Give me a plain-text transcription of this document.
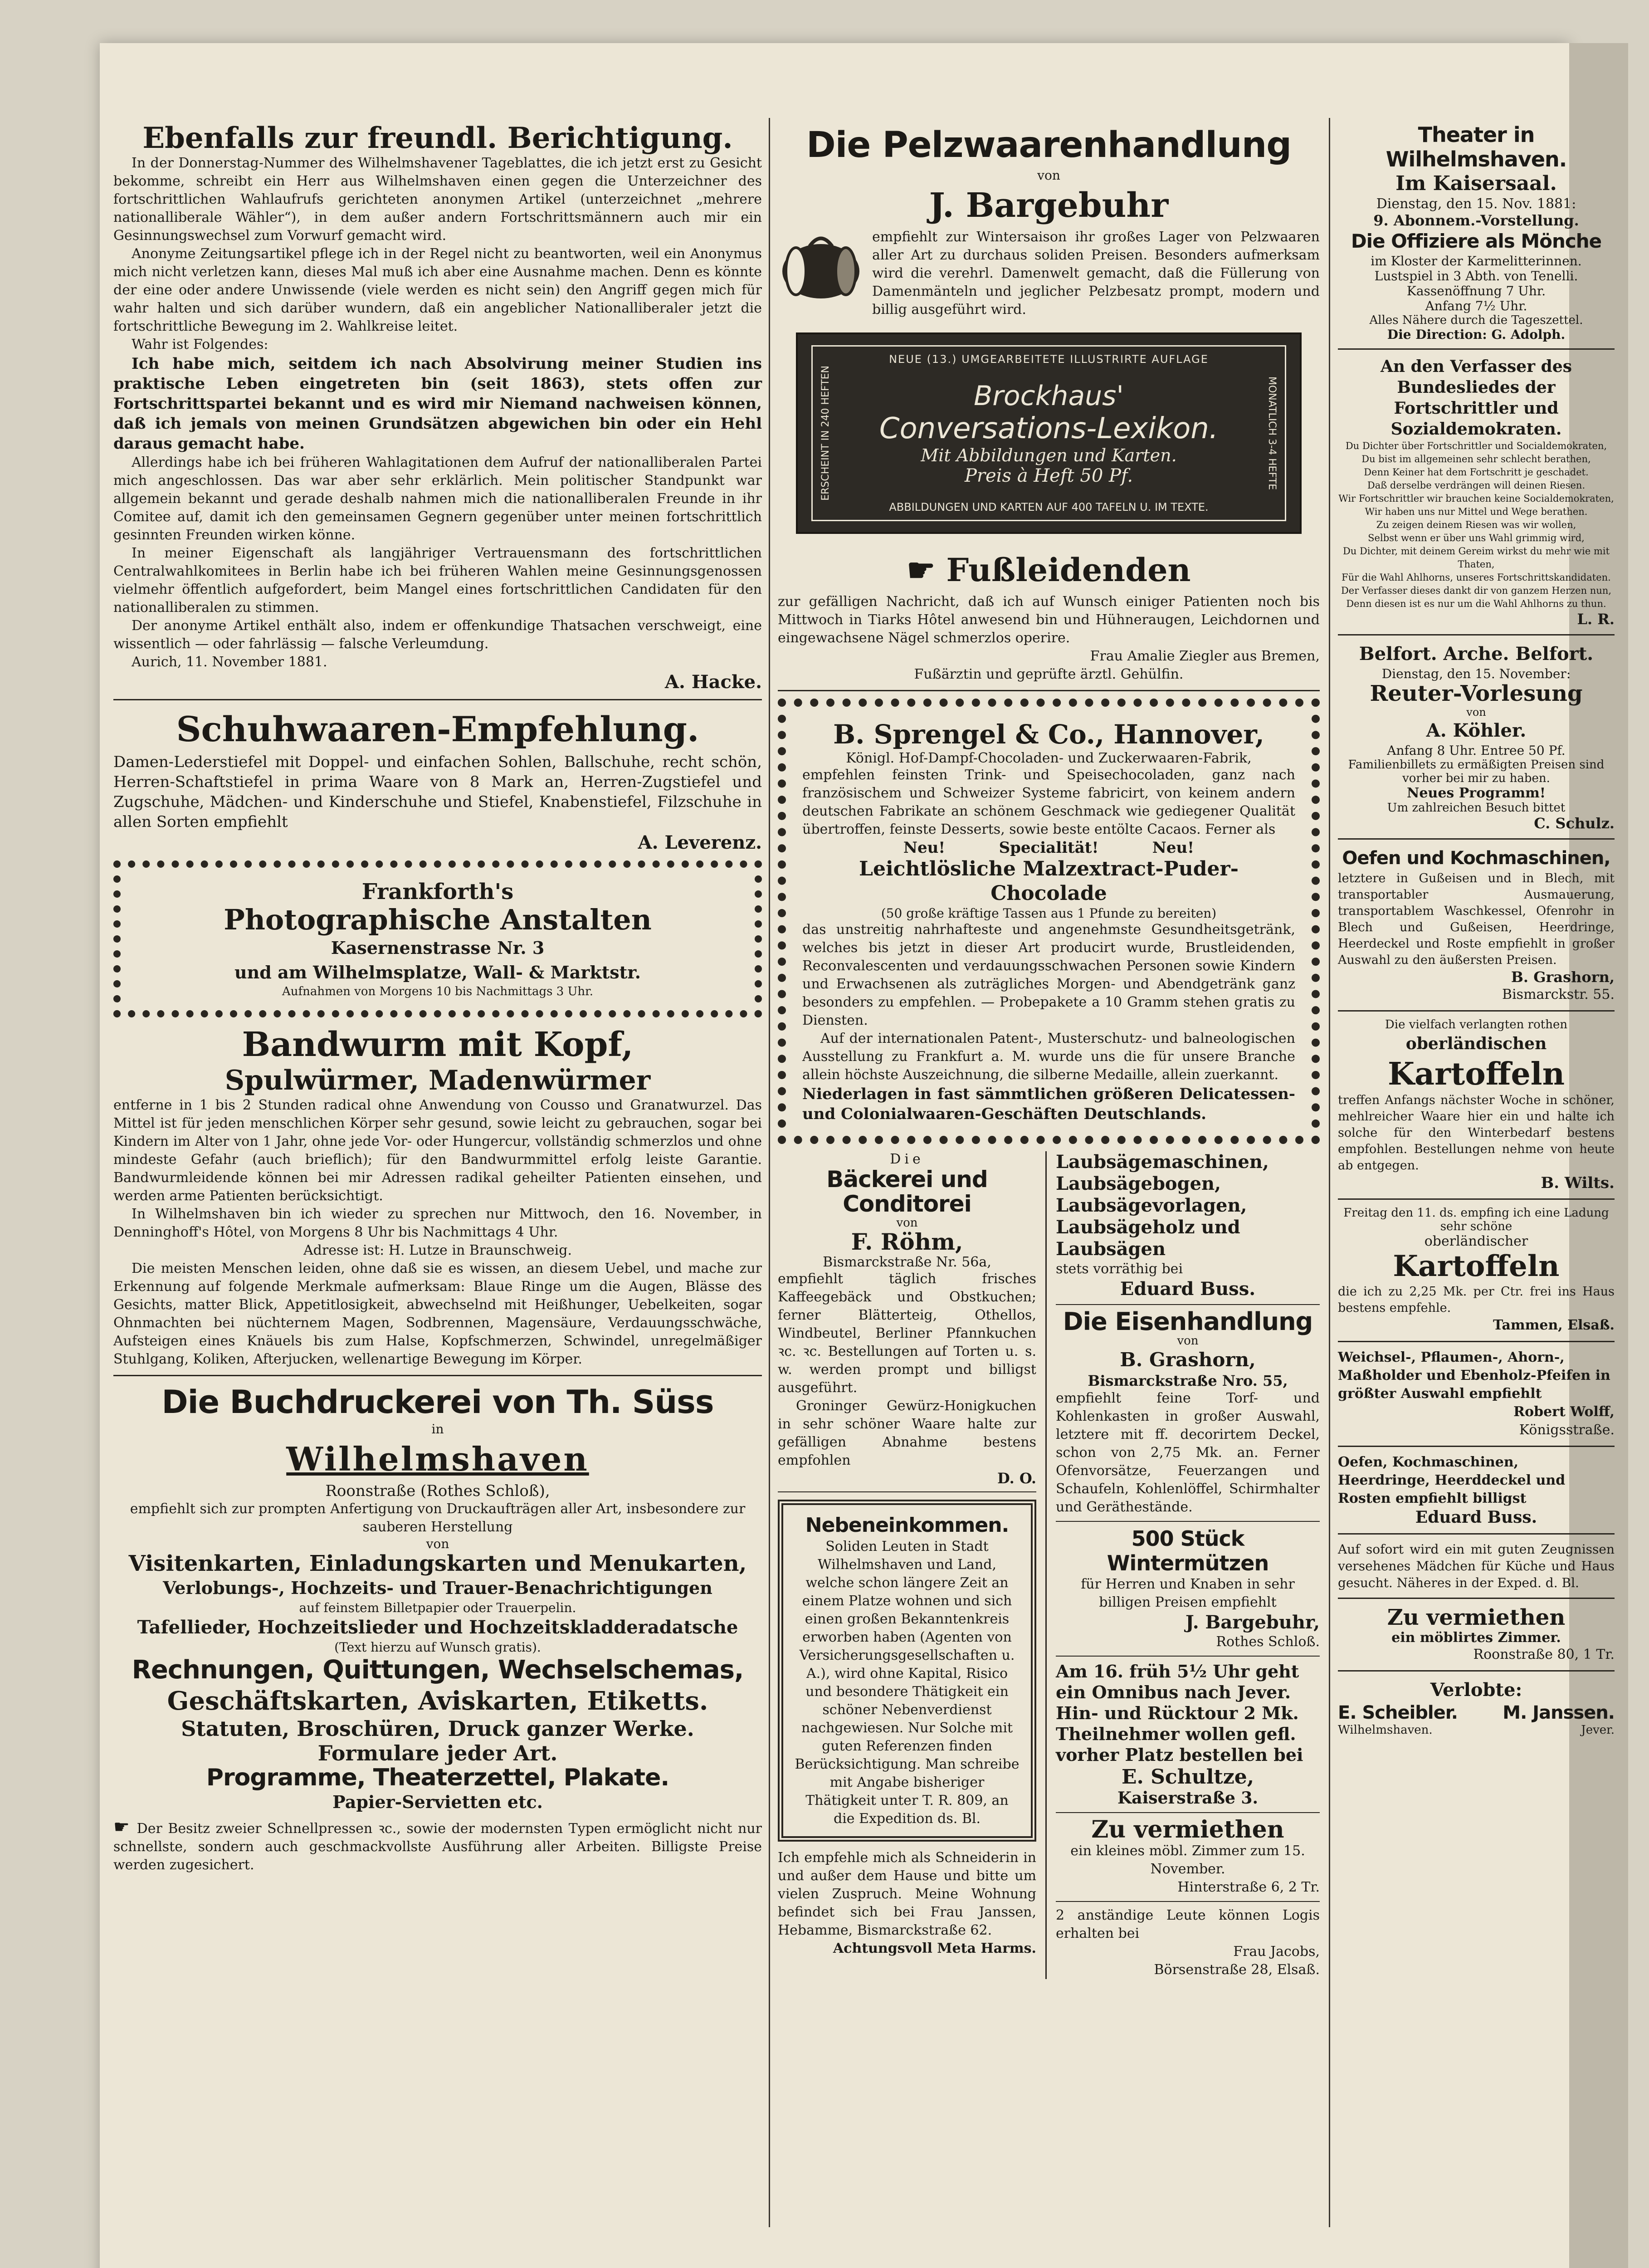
Ebenfalls zur freundl. Berichtigung.

In der Donnerstag-Nummer des Wilhelmshavener Tageblattes, die ich jetzt erst zu Gesicht bekomme, schreibt ein Herr aus Wilhelmshaven einen gegen die Unterzeichner des fortschrittlichen Wahlaufrufs gerichteten anonymen Artikel (unterzeichnet „mehrere nationalliberale Wähler“), in dem außer andern Fortschrittsmännern auch mir ein Gesinnungswechsel zum Vorwurf gemacht wird.

Anonyme Zeitungsartikel pflege ich in der Regel nicht zu beantworten, weil ein Anonymus mich nicht verletzen kann, dieses Mal muß ich aber eine Ausnahme machen. Denn es könnte der eine oder andere Unwissende (viele werden es nicht sein) den Angriff gegen mich für wahr halten und sich darüber wundern, daß ein angeblicher Nationalliberaler jetzt die fortschrittliche Bewegung im 2. Wahlkreise leitet.

Wahr ist Folgendes:

Ich habe mich, seitdem ich nach Absolvirung meiner Studien ins praktische Leben eingetreten bin (seit 1863), stets offen zur Fortschrittspartei bekannt und es wird mir Niemand nachweisen können, daß ich jemals von meinen Grundsätzen abgewichen bin oder ein Hehl daraus gemacht habe.

Allerdings habe ich bei früheren Wahlagitationen dem Aufruf der nationalliberalen Partei mich angeschlossen. Das war aber sehr erklärlich. Mein politischer Standpunkt war allgemein bekannt und gerade deshalb nahmen mich die nationalliberalen Freunde in ihr Comitee auf, damit ich den gemeinsamen Gegnern gegenüber unter meinen fortschrittlich gesinnten Freunden wirken könne.

In meiner Eigenschaft als langjähriger Vertrauensmann des fortschrittlichen Centralwahlkomitees in Berlin habe ich bei früheren Wahlen meine Gesinnungsgenossen vielmehr öffentlich aufgefordert, beim Mangel eines fortschrittlichen Candidaten für den nationalliberalen zu stimmen.

Der anonyme Artikel enthält also, indem er offenkundige Thatsachen verschweigt, eine wissentlich — oder fahrlässig — falsche Verleumdung.

Aurich, 11. November 1881.

A. Hacke.

Schuhwaaren-Empfehlung.

Damen-Lederstiefel mit Doppel- und einfachen Sohlen, Ballschuhe, recht schön, Herren-Schaftstiefel in prima Waare von 8 Mark an, Herren-Zugstiefel und Zugschuhe, Mädchen- und Kinderschuhe und Stiefel, Knabenstiefel, Filzschuhe in allen Sorten empfiehlt

A. Leverenz.

Frankforth's

Photographische Anstalten

Kasernenstrasse Nr. 3

und am Wilhelmsplatze, Wall- & Marktstr.

Aufnahmen von Morgens 10 bis Nachmittags 3 Uhr.

Bandwurm mit Kopf,

Spulwürmer, Madenwürmer

entferne in 1 bis 2 Stunden radical ohne Anwendung von Cousso und Granatwurzel. Das Mittel ist für jeden menschlichen Körper sehr gesund, sowie leicht zu gebrauchen, sogar bei Kindern im Alter von 1 Jahr, ohne jede Vor- oder Hungercur, vollständig schmerzlos und ohne mindeste Gefahr (auch brieflich); für den Bandwurmmittel erfolg leiste Garantie. Bandwurmleidende können bei mir Adressen radikal geheilter Patienten einsehen, und werden arme Patienten berücksichtigt.

In Wilhelmshaven bin ich wieder zu sprechen nur Mittwoch, den 16. November, in Denninghoff's Hôtel, von Morgens 8 Uhr bis Nachmittags 4 Uhr.

Adresse ist: H. Lutze in Braunschweig.

Die meisten Menschen leiden, ohne daß sie es wissen, an diesem Uebel, und mache zur Erkennung auf folgende Merkmale aufmerksam: Blaue Ringe um die Augen, Blässe des Gesichts, matter Blick, Appetitlosigkeit, abwechselnd mit Heißhunger, Uebelkeiten, sogar Ohnmachten bei nüchternem Magen, Sodbrennen, Magensäure, Verdauungsschwäche, Aufsteigen eines Knäuels bis zum Halse, Kopfschmerzen, Schwindel, unregelmäßiger Stuhlgang, Koliken, Afterjucken, wellenartige Bewegung im Körper.

Die Buchdruckerei von Th. Süss

in

Wilhelmshaven

Roonstraße (Rothes Schloß),

empfiehlt sich zur prompten Anfertigung von Druckaufträgen aller Art, insbesondere zur sauberen Herstellung

von

Visitenkarten, Einladungskarten und Menukarten,

Verlobungs-, Hochzeits- und Trauer-Benachrichtigungen

auf feinstem Billetpapier oder Trauerpelin.

Tafellieder, Hochzeitslieder und Hochzeitskladderadatsche

(Text hierzu auf Wunsch gratis).

Rechnungen, Quittungen, Wechselschemas,

Geschäftskarten, Aviskarten, Etiketts.

Statuten, Broschüren, Druck ganzer Werke.

Formulare jeder Art.

Programme, Theaterzettel, Plakate.

Papier-Servietten etc.

☛ Der Besitz zweier Schnellpressen ꝛc., sowie der modernsten Typen ermöglicht nicht nur schnellste, sondern auch geschmackvollste Ausführung aller Arbeiten. Billigste Preise werden zugesichert.

Die Pelzwaarenhandlung

von

J. Bargebuhr

empfiehlt zur Wintersaison ihr großes Lager von Pelzwaaren aller Art zu durchaus soliden Preisen. Besonders aufmerksam wird die verehrl. Damenwelt gemacht, daß die Füllerung von Damenmänteln und jeglicher Pelzbesatz prompt, modern und billig ausgeführt wird.

NEUE (13.) UMGEARBEITETE ILLUSTRIRTE AUFLAGE

ERSCHEINT IN 240 HEFTEN	Brockhaus'

Conversations-Lexikon.

Mit Abbildungen und Karten.

Preis à Heft 50 Pf.	MONATLICH 3-4 HEFTE

ABBILDUNGEN UND KARTEN AUF 400 TAFELN U. IM TEXTE.

☛ Fußleidenden

zur gefälligen Nachricht, daß ich auf Wunsch einiger Patienten noch bis Mittwoch in Tiarks Hôtel anwesend bin und Hühneraugen, Leichdornen und eingewachsene Nägel schmerzlos operire.

Frau Amalie Ziegler aus Bremen,

Fußärztin und geprüfte ärztl. Gehülfin.

B. Sprengel & Co., Hannover,

Königl. Hof-Dampf-Chocoladen- und Zuckerwaaren-Fabrik,

empfehlen feinsten Trink- und Speisechocoladen, ganz nach französischem und Schweizer Systeme fabricirt, von keinem andern deutschen Fabrikate an schönem Geschmack wie gediegener Qualität übertroffen, feinste Desserts, sowie beste entölte Cacaos. Ferner als

Neu!          Specialität!          Neu!

Leichtlösliche Malzextract-Puder-Chocolade

(50 große kräftige Tassen aus 1 Pfunde zu bereiten)

das unstreitig nahrhafteste und angenehmste Gesundheitsgetränk, welches bis jetzt in dieser Art producirt wurde, Brustleidenden, Reconvalescenten und verdauungsschwachen Personen sowie Kindern und Erwachsenen als zuträgliches Morgen- und Abendgetränk ganz besonders zu empfehlen. — Probepakete a 10 Gramm stehen gratis zu Diensten.

Auf der internationalen Patent-, Musterschutz- und balneologischen Ausstellung zu Frankfurt a. M. wurde uns die für unsere Branche allein höchste Auszeichnung, die silberne Medaille, allein zuerkannt.

Niederlagen in fast sämmtlichen größeren Delicatessen- und Colonialwaaren-Geschäften Deutschlands.

Die

Bäckerei und Conditorei

von

F. Röhm,

Bismarckstraße Nr. 56a,

empfiehlt täglich frisches Kaffeegebäck und Obstkuchen; ferner Blätterteig, Othellos, Windbeutel, Berliner Pfannkuchen ꝛc. ꝛc. Bestellungen auf Torten u. s. w. werden prompt und billigst ausgeführt.

Groninger Gewürz-Honigkuchen in sehr schöner Waare halte zur gefälligen Abnahme bestens empfohlen

D. O.

Nebeneinkommen.

Soliden Leuten in Stadt Wilhelmshaven und Land, welche schon längere Zeit an einem Platze wohnen und sich einen großen Bekanntenkreis erworben haben (Agenten von Versicherungsgesellschaften u. A.), wird ohne Kapital, Risico und besondere Thätigkeit ein schöner Nebenverdienst nachgewiesen. Nur Solche mit guten Referenzen finden Berücksichtigung. Man schreibe mit Angabe bisheriger Thätigkeit unter T. R. 809, an die Expedition ds. Bl.

Ich empfehle mich als Schneiderin in und außer dem Hause und bitte um vielen Zuspruch. Meine Wohnung befindet sich bei Frau Janssen, Hebamme, Bismarckstraße 62.

Achtungsvoll Meta Harms.

Laubsägemaschinen,

Laubsägebogen,

Laubsägevorlagen,

Laubsägeholz und

Laubsägen

stets vorräthig bei

Eduard Buss.

Die Eisenhandlung

von

B. Grashorn,

Bismarckstraße Nro. 55,

empfiehlt feine Torf- und Kohlenkasten in großer Auswahl, letztere mit ff. decorirtem Deckel, schon von 2,75 Mk. an. Ferner Ofenvorsätze, Feuerzangen und Schaufeln, Kohlenlöffel, Schirmhalter und Geräthestände.

500 Stück Wintermützen

für Herren und Knaben in sehr billigen Preisen empfiehlt

J. Bargebuhr,

Rothes Schloß.

Am 16. früh 5½ Uhr geht ein Omnibus nach Jever. Hin- und Rücktour 2 Mk. Theilnehmer wollen gefl. vorher Platz bestellen bei

E. Schultze,

Kaiserstraße 3.

Zu vermiethen

ein kleines möbl. Zimmer zum 15. November.

Hinterstraße 6, 2 Tr.

2 anständige Leute können Logis erhalten bei

Frau Jacobs,

Börsenstraße 28, Elsaß.

Theater in Wilhelmshaven.

Im Kaisersaal.

Dienstag, den 15. Nov. 1881:

9. Abonnem.-Vorstellung.

Die Offiziere als Mönche

im Kloster der Karmelitterinnen.

Lustspiel in 3 Abth. von Tenelli.

Kassenöffnung 7 Uhr.

Anfang 7½ Uhr.

Alles Nähere durch die Tageszettel.

Die Direction: G. Adolph.

An den Verfasser des Bundesliedes der Fortschrittler und Sozialdemokraten.

Du Dichter über Fortschrittler und Socialdemokraten,

Du bist im allgemeinen sehr schlecht berathen,

Denn Keiner hat dem Fortschritt je geschadet.

Daß derselbe verdrängen will deinen Riesen.

Wir Fortschrittler wir brauchen keine Socialdemokraten,

Wir haben uns nur Mittel und Wege berathen.

Zu zeigen deinem Riesen was wir wollen,

Selbst wenn er über uns Wahl grimmig wird,

Du Dichter, mit deinem Gereim wirkst du mehr wie mit Thaten,

Für die Wahl Ahlhorns, unseres Fortschrittskandidaten.

Der Verfasser dieses dankt dir von ganzem Herzen nun,

Denn diesen ist es nur um die Wahl Ahlhorns zu thun.

L. R.

Belfort. Arche. Belfort.

Dienstag, den 15. November:

Reuter-Vorlesung

von

A. Köhler.

Anfang 8 Uhr. Entree 50 Pf.

Familienbillets zu ermäßigten Preisen sind vorher bei mir zu haben.

Neues Programm!

Um zahlreichen Besuch bittet

C. Schulz.

Oefen und Kochmaschinen,

letztere in Gußeisen und in Blech, mit transportabler Ausmauerung, transportablem Waschkessel, Ofenrohr in Blech und Gußeisen, Heerdringe, Heerdeckel und Roste empfiehlt in großer Auswahl zu den äußersten Preisen.

B. Grashorn,

Bismarckstr. 55.

Die vielfach verlangten rothen

oberländischen

Kartoffeln

treffen Anfangs nächster Woche in schöner, mehlreicher Waare hier ein und halte ich solche für den Winterbedarf bestens empfohlen. Bestellungen nehme von heute ab entgegen.

B. Wilts.

Freitag den 11. ds. empfing ich eine Ladung sehr schöne

oberländischer

Kartoffeln

die ich zu 2,25 Mk. per Ctr. frei ins Haus bestens empfehle.

Tammen, Elsaß.

Weichsel-, Pflaumen-, Ahorn-, Maßholder und Ebenholz-Pfeifen in größter Auswahl empfiehlt

Robert Wolff,

Königsstraße.

Oefen, Kochmaschinen, Heerdringe, Heerddeckel und Rosten empfiehlt billigst

Eduard Buss.

Auf sofort wird ein mit guten Zeugnissen versehenes Mädchen für Küche und Haus gesucht. Näheres in der Exped. d. Bl.

Zu vermiethen

ein möblirtes Zimmer.

Roonstraße 80, 1 Tr.

Verlobte:

E. Scheibler. M. Janssen.

Wilhelmshaven.	Jever.
